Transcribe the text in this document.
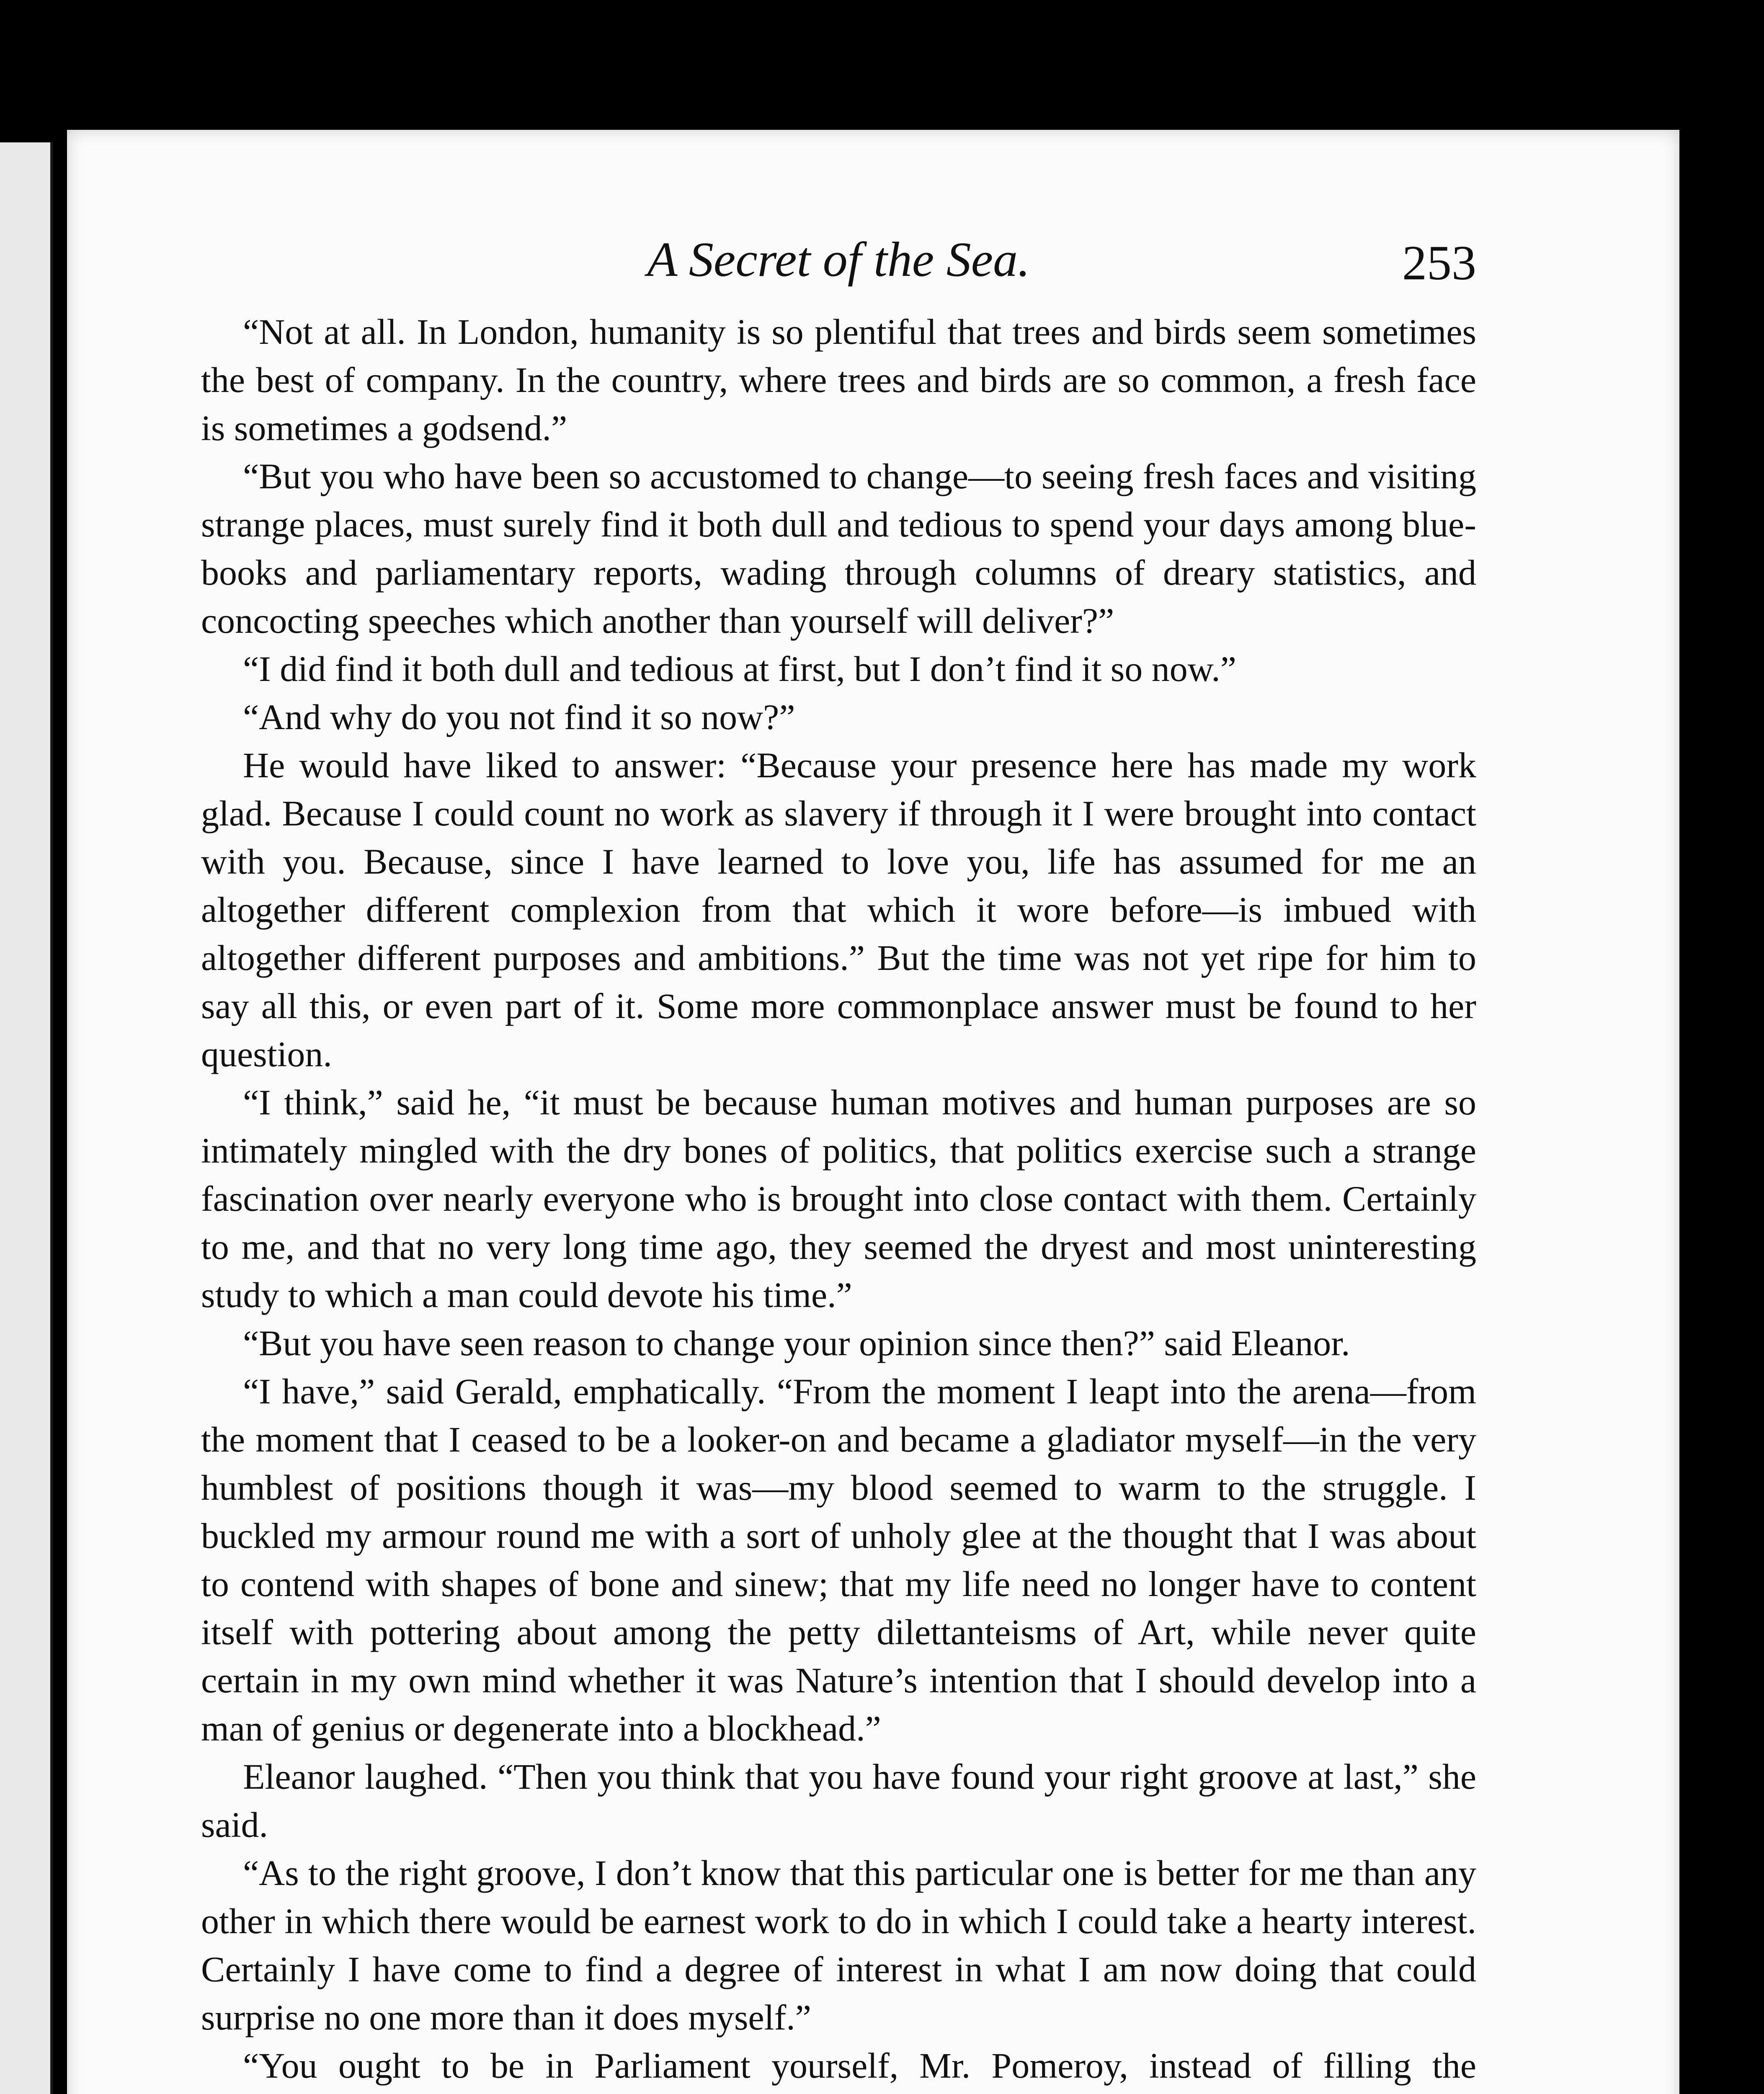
A Secret of the Sea.	253

“Not at all. In London, humanity is so plentiful that trees and birds seem sometimes the best of company. In the country, where trees and birds are so common, a fresh face is sometimes a godsend.”

“But you who have been so accustomed to change—to seeing fresh faces and visiting strange places, must surely find it both dull and tedious to spend your days among blue-books and parliamentary reports, wading through columns of dreary statistics, and concocting speeches which another than yourself will deliver?”

“I did find it both dull and tedious at first, but I don’t find it so now.”

“And why do you not find it so now?”

He would have liked to answer: “Because your presence here has made my work glad. Because I could count no work as slavery if through it I were brought into contact with you. Because, since I have learned to love you, life has assumed for me an altogether different complexion from that which it wore before—is imbued with altogether different purposes and ambitions.” But the time was not yet ripe for him to say all this, or even part of it. Some more commonplace answer must be found to her question.

“I think,” said he, “it must be because human motives and human purposes are so intimately mingled with the dry bones of politics, that politics exercise such a strange fascination over nearly everyone who is brought into close contact with them. Certainly to me, and that no very long time ago, they seemed the dryest and most uninteresting study to which a man could devote his time.”

“But you have seen reason to change your opinion since then?” said Eleanor.

“I have,” said Gerald, emphatically. “From the moment I leapt into the arena—from the moment that I ceased to be a looker-on and became a gladiator myself—in the very humblest of positions though it was—my blood seemed to warm to the struggle. I buckled my armour round me with a sort of unholy glee at the thought that I was about to contend with shapes of bone and sinew; that my life need no longer have to content itself with pottering about among the petty dilettanteisms of Art, while never quite certain in my own mind whether it was Nature’s intention that I should develop into a man of genius or degenerate into a blockhead.”

Eleanor laughed. “Then you think that you have found your right groove at last,” she said.

“As to the right groove, I don’t know that this particular one is better for me than any other in which there would be earnest work to do in which I could take a hearty interest. Certainly I have come to find a degree of interest in what I am now doing that could surprise no one more than it does myself.”

“You ought to be in Parliament yourself, Mr. Pomeroy, instead of filling the
